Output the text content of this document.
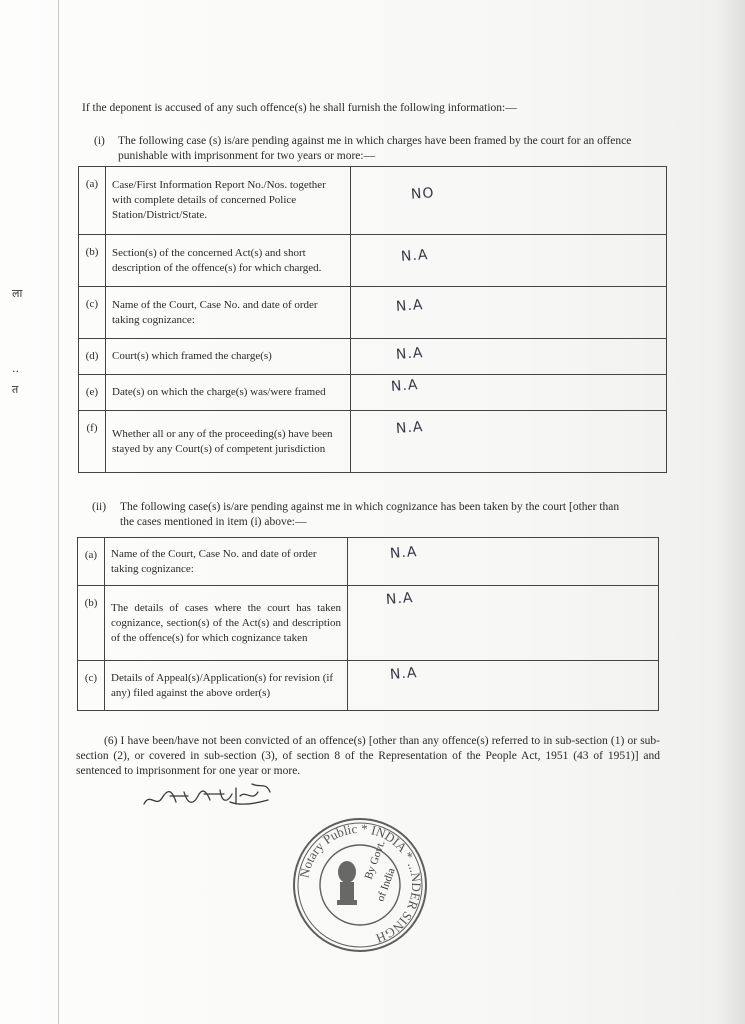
ला
..
त
If the deponent is accused of any such offence(s) he shall furnish the following information:—
(i) The following case (s) is/are pending against me in which charges have been framed by the court for an offence
punishable with imprisonment for two years or more:—
(a)	Case/First Information Report No./Nos. together with complete details of concerned Police Station/District/State.	NO

(b)	Section(s) of the concerned Act(s) and short description of the offence(s) for which charged.	N.A

(c)	Name of the Court, Case No. and date of order taking cognizance:	N.A

(d)	Court(s) which framed the charge(s)	N.A

(e)	Date(s) on which the charge(s) was/were framed	N.A

(f)	Whether all or any of the proceeding(s) have been stayed by any Court(s) of competent jurisdiction	N.A
(ii) The following case(s) is/are pending against me in which cognizance has been taken by the court [other than
the cases mentioned in item (i) above:—
(a)	Name of the Court, Case No. and date of order taking cognizance:	N.A

(b)	The details of cases where the court has taken cognizance, section(s) of the Act(s) and description of the offence(s) for which cognizance taken	N.A

(c)	Details of Appeal(s)/Application(s) for revision (if any) filed against the above order(s)	N.A
(6) I have been/have not been convicted of an offence(s) [other than any offence(s) referred to in sub-section (1) or sub-section (2), or covered in sub-section (3), of section 8 of the Representation of the People Act, 1951 (43 of 1951)] and sentenced to imprisonment for one year or more.
Notary Public * INDIA * ...NDER SINGH
By Govt.
of India
